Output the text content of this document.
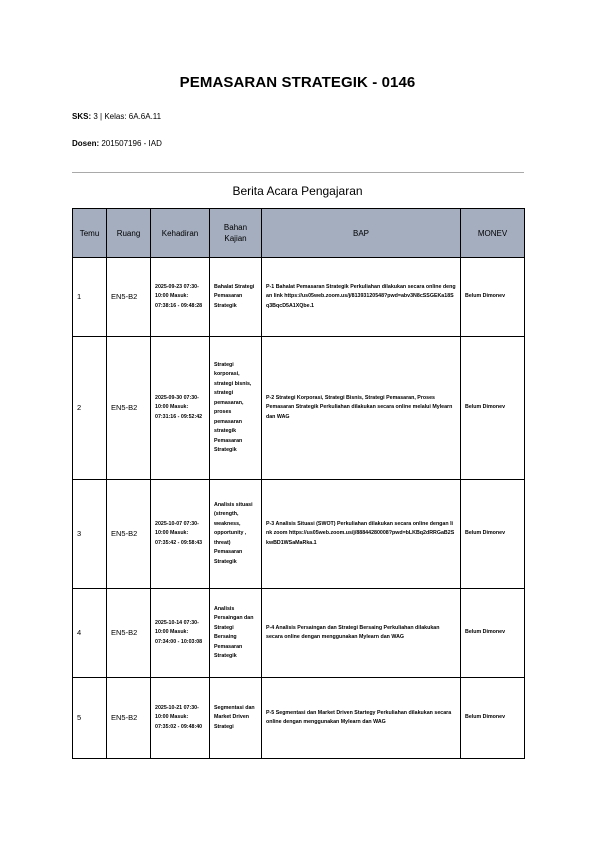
PEMASARAN STRATEGIK - 0146
SKS: 3 | Kelas: 6A.6A.11
Dosen: 201507196 - IAD
Berita Acara Pengajaran
Temu	Ruang	Kehadiran	Bahan Kajian	BAP	MONEV
1	EN5-B2	2025-09-23 07:30-10:00 Masuk: 07:38:16 - 09:48:28	Bahalat Strategi Pemasaran Strategik	P-1 Bahalat Pemasaran Strategik Perkuliahan dilakukan secara online dengan link https://us05web.zoom.us/j/81393120548?pwd=abv3N8cSSGEKa18Sq3BqcD5A1XQbe.1	Belum Dimonev
2	EN5-B2	2025-09-30 07:30-10:00 Masuk: 07:31:16 - 09:52:42	Strategi korporasi, strategi bisnis, strategi pemasaran, proses pemasaran strategik Pemasaran Strategik	P-2 Strategi Korporasi, Strategi Bisnis, Strategi Pemasaran, Proses Pemasaran Strategik Perkuliahan dilakukan secara online melalui Mylearn dan WAG	Belum Dimonev
3	EN5-B2	2025-10-07 07:30-10:00 Masuk: 07:35:42 - 09:58:43	Analisis situasi (strength, weakness, opportunity , threat) Pemasaran Strategik	P-3 Analisis Situasi (SWOT) Perkuliahan dilakukan secara online dengan link zoom https://us05web.zoom.us/j/88844280008?pwd=bLKBq2dRRGaB2SkwBD1WSaMaRka.1	Belum Dimonev
4	EN5-B2	2025-10-14 07:30-10:00 Masuk: 07:34:00 - 10:03:08	Analisis Persaingan dan Strategi Bersaing Pemasaran Strategik	P-4 Analisis Persaingan dan Strategi Bersaing Perkuliahan dilakukan secara online dengan menggunakan Mylearn dan WAG	Belum Dimonev
5	EN5-B2	2025-10-21 07:30-10:00 Masuk: 07:35:02 - 09:48:40	Segmentasi dan Market Driven Strategi	P-5 Segmentasi dan Market Driven Startegy Perkuliahan dilakukan secara online dengan menggunakan Mylearn dan WAG	Belum Dimonev
